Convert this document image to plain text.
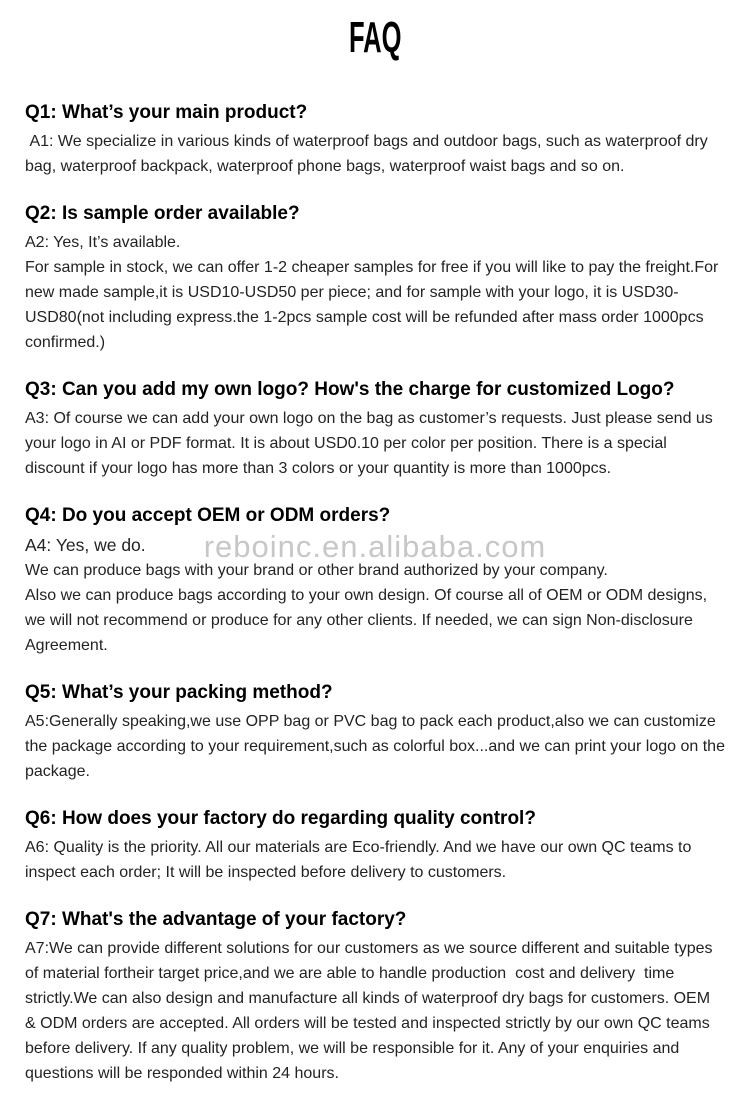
reboinc.en.alibaba.com
FAQ
Q1: What’s your main product?

A1: We specialize in various kinds of waterproof bags and outdoor bags, such as waterproof dry bag, waterproof backpack, waterproof phone bags, waterproof waist bags and so on.

Q2: Is sample order available?

A2: Yes, It’s available.

For sample in stock, we can offer 1-2 cheaper samples for free if you will like to pay the freight.For new made sample,it is USD10-USD50 per piece; and for sample with your logo, it is USD30-USD80(not including express.the 1-2pcs sample cost will be refunded after mass order 1000pcs confirmed.)

Q3: Can you add my own logo? How's the charge for customized Logo?

A3: Of course we can add your own logo on the bag as customer’s requests. Just please send us your logo in AI or PDF format. It is about USD0.10 per color per position. There is a special discount if your logo has more than 3 colors or your quantity is more than 1000pcs.

Q4: Do you accept OEM or ODM orders?

A4: Yes, we do.

We can produce bags with your brand or other brand authorized by your company.

Also we can produce bags according to your own design. Of course all of OEM or ODM designs, we will not recommend or produce for any other clients. If needed, we can sign Non-disclosure Agreement.

Q5: What’s your packing method?

A5:Generally speaking,we use OPP bag or PVC bag to pack each product,also we can customize the package according to your requirement,such as colorful box...and we can print your logo on the package.

Q6: How does your factory do regarding quality control?

A6: Quality is the priority. All our materials are Eco-friendly. And we have our own QC teams to inspect each order; It will be inspected before delivery to customers.

Q7: What's the advantage of your factory?

A7:We can provide different solutions for our customers as we source different and suitable types of material fortheir target price,and we are able to handle production  cost and delivery  time strictly.We can also design and manufacture all kinds of waterproof dry bags for customers. OEM & ODM orders are accepted. All orders will be tested and inspected strictly by our own QC teams before delivery. If any quality problem, we will be responsible for it. Any of your enquiries and questions will be responded within 24 hours.
